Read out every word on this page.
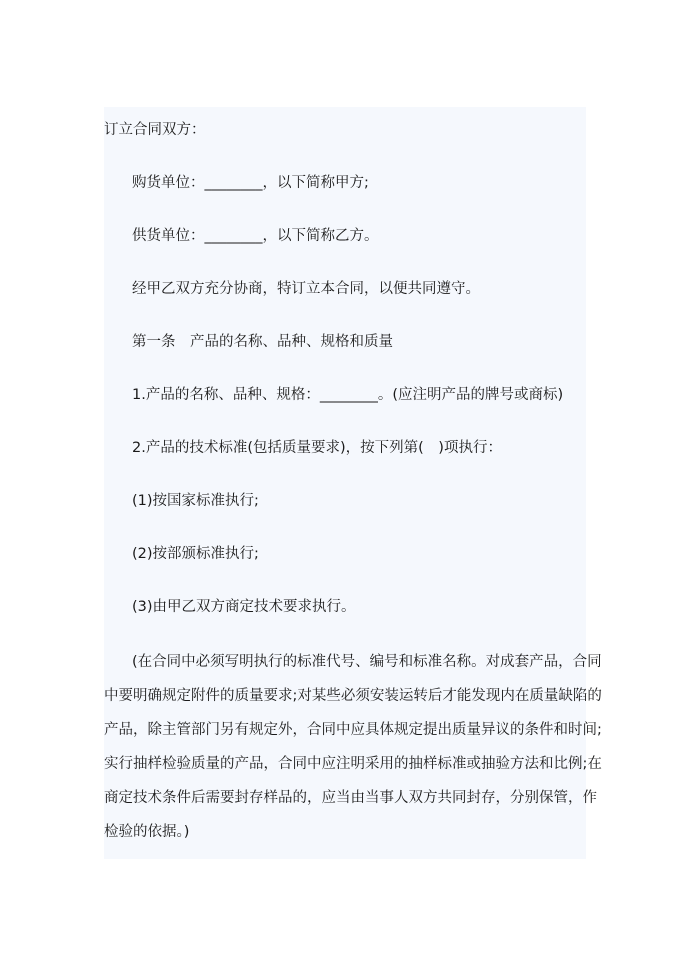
订立合同双方：

购货单位：________，以下简称甲方;

供货单位：________，以下简称乙方。

经甲乙双方充分协商，特订立本合同，以便共同遵守。

第一条　产品的名称、品种、规格和质量

1.产品的名称、品种、规格：________。(应注明产品的牌号或商标)

2.产品的技术标准(包括质量要求)，按下列第(　)项执行：

(1)按国家标准执行;

(2)按部颁标准执行;

(3)由甲乙双方商定技术要求执行。

(在合同中必须写明执行的标准代号、编号和标准名称。对成套产品，合同

中要明确规定附件的质量要求;对某些必须安装运转后才能发现内在质量缺陷的

产品，除主管部门另有规定外，合同中应具体规定提出质量异议的条件和时间;

实行抽样检验质量的产品，合同中应注明采用的抽样标准或抽验方法和比例;在

商定技术条件后需要封存样品的，应当由当事人双方共同封存，分别保管，作

检验的依据。)
